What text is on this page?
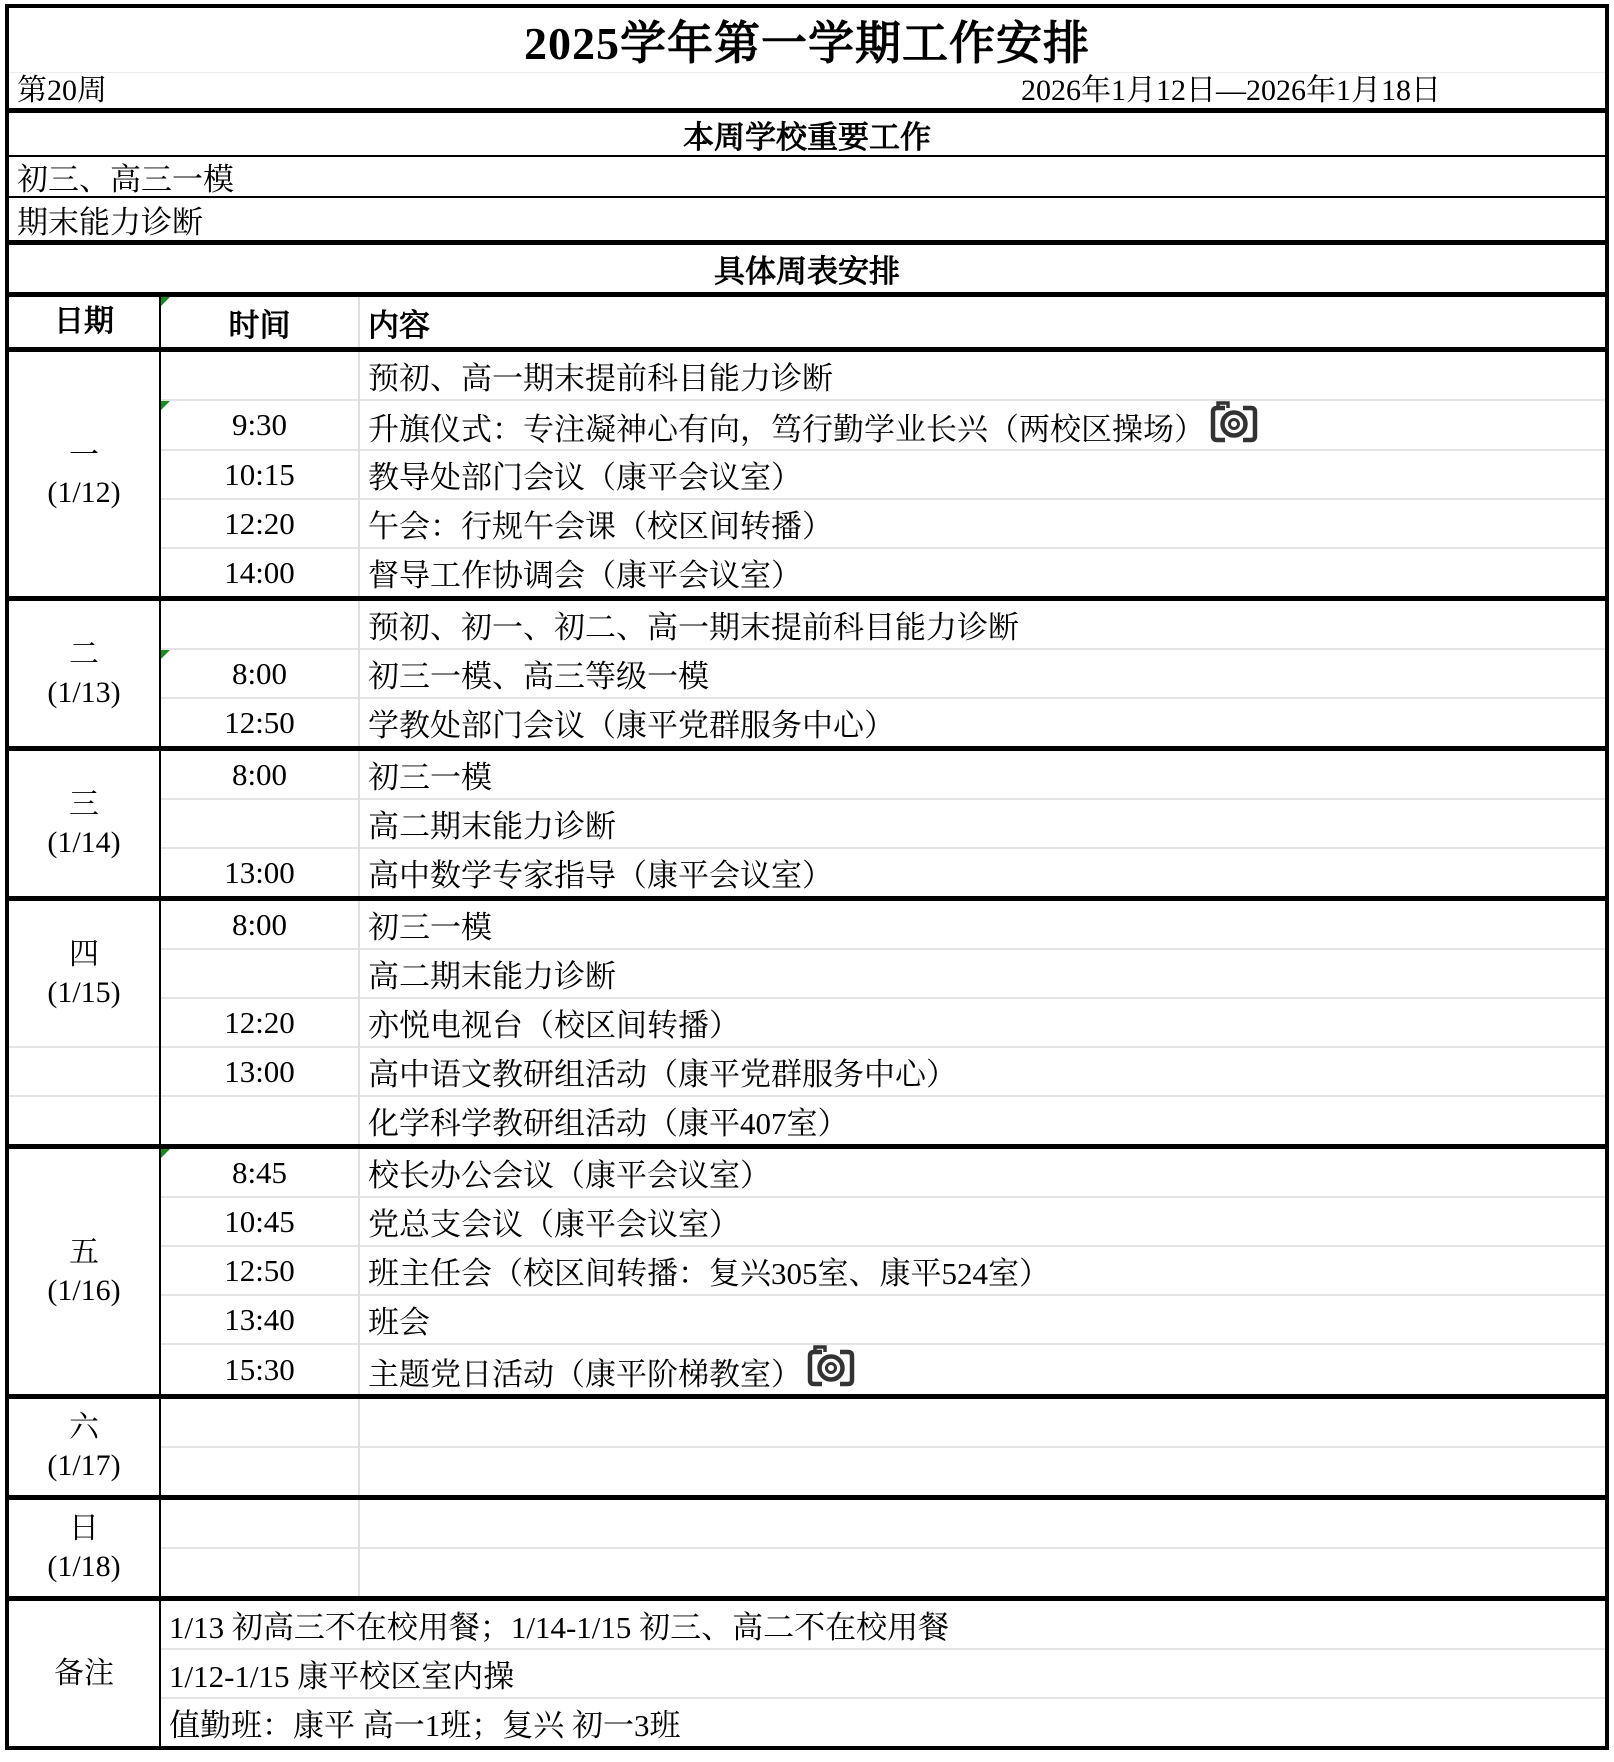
2025学年第一学期工作安排
第20周	2026年1月12日—2026年1月18日
本周学校重要工作
初三、高三一模
期末能力诊断
具体周表安排
日期	时间	内容

一
(1/12)		预初、高一期末提前科目能力诊断

9:30	升旗仪式：专注凝神心有向，笃行勤学业长兴（两校区操场）
	10:15	教导处部门会议（康平会议室）
	12:20	午会：行规午会课（校区间转播）
	14:00	督导工作协调会（康平会议室）

二
(1/13)		预初、初一、初二、高一期末提前科目能力诊断

8:00	初三一模、高三等级一模
	12:50	学教处部门会议（康平党群服务中心）

三
(1/14)	8:00	初三一模
		高二期末能力诊断
	13:00	高中数学专家指导（康平会议室）

四
(1/15)	8:00	初三一模
		高二期末能力诊断
	12:20	亦悦电视台（校区间转播）
	13:00	高中语文教研组活动（康平党群服务中心）
		化学科学教研组活动（康平407室）

五
(1/16)	8:45	校长办公会议（康平会议室）
	10:45	党总支会议（康平会议室）
	12:50	班主任会（校区间转播：复兴305室、康平524室）
	13:40	班会
	15:30	主题党日活动（康平阶梯教室）

六
(1/17)		

日
(1/18)		

备注	1/13 初高三不在校用餐；1/14-1/15 初三、高二不在校用餐	
	1/12-1/15 康平校区室内操	
	值勤班：康平 高一1班；复兴 初一3班	
